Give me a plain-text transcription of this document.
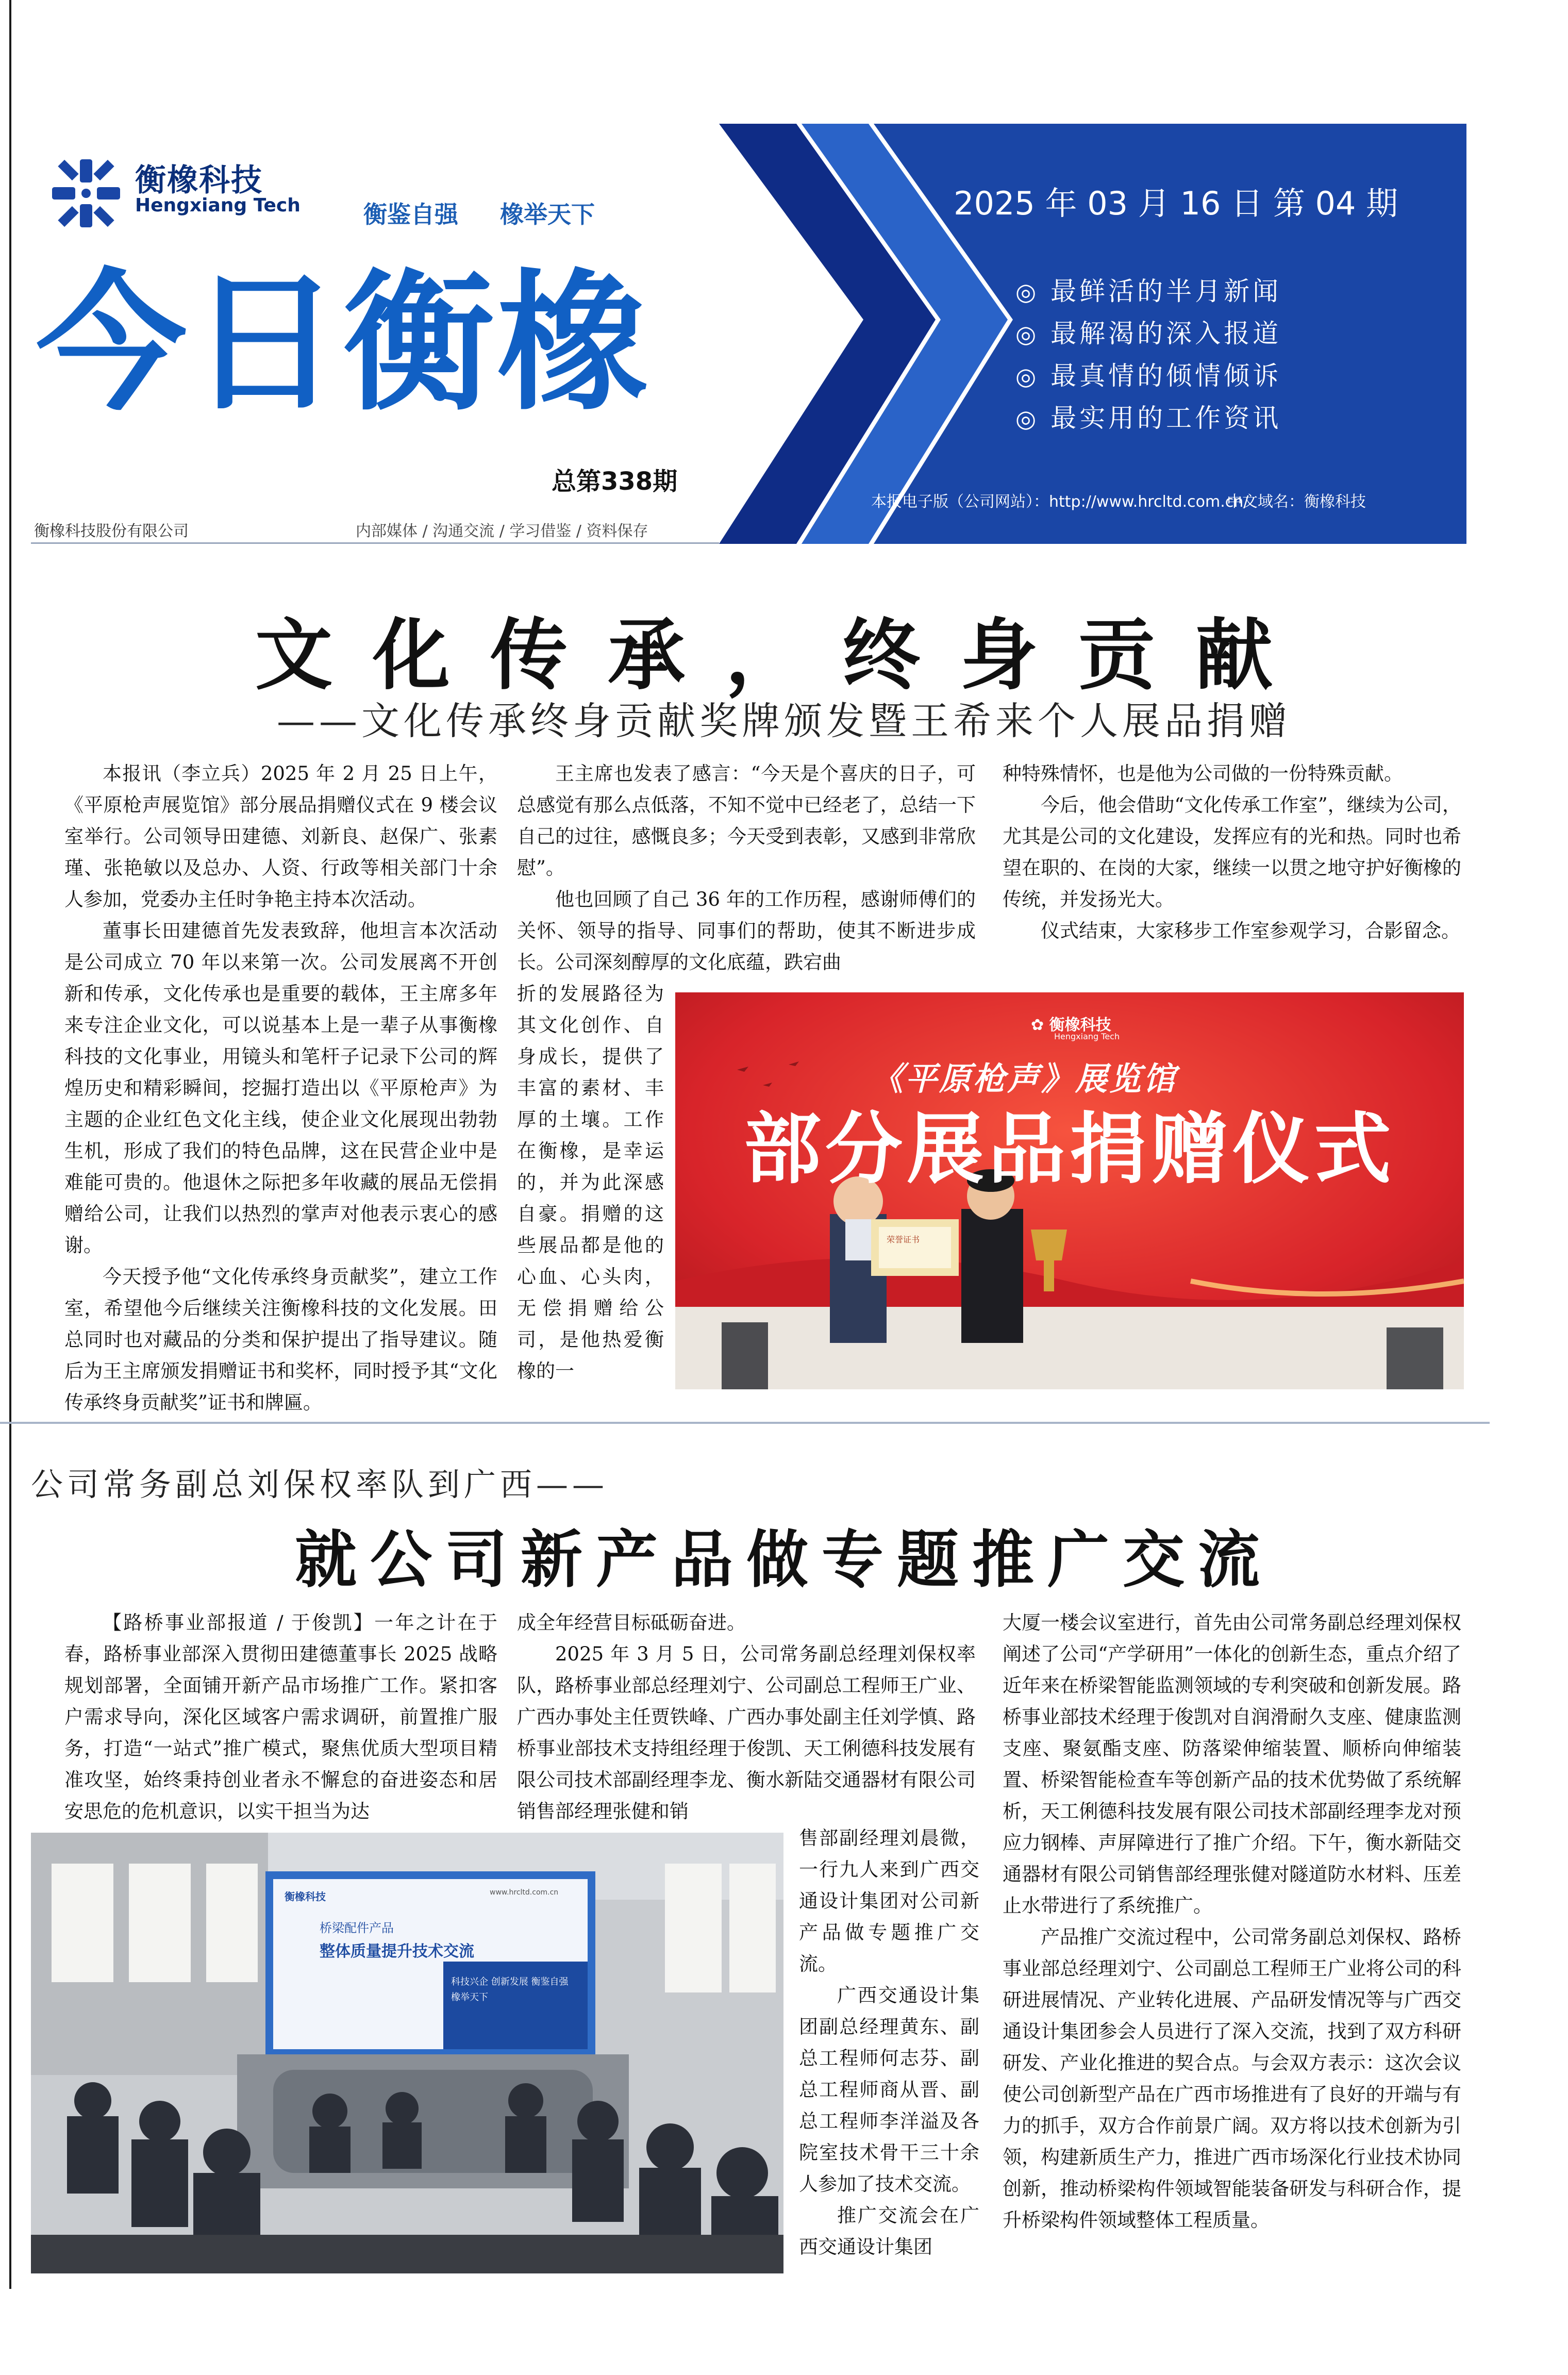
衡橡科技
Hengxiang Tech	衡鉴自强 橡举天下
今日衡橡
总第338期
衡橡科技股份有限公司	内部媒体 / 沟通交流 / 学习借鉴 / 资料保存
2025 年 03 月 16 日 第 04 期
◎ 最鲜活的半月新闻
◎ 最解渴的深入报道
◎ 最真情的倾情倾诉
◎ 最实用的工作资讯
本报电子版（公司网站）：http://www.hrcltd.com.cn/
中文域名：衡橡科技
文化传承，终身贡献
——文化传承终身贡献奖牌颁发暨王希来个人展品捐赠

本报讯（李立兵）2025 年 2 月 25 日上午，《平原枪声展览馆》部分展品捐赠仪式在 9 楼会议室举行。公司领导田建德、刘新良、赵保广、张素瑾、张艳敏以及总办、人资、行政等相关部门十余人参加，党委办主任时争艳主持本次活动。

董事长田建德首先发表致辞，他坦言本次活动是公司成立 70 年以来第一次。公司发展离不开创新和传承，文化传承也是重要的载体，王主席多年来专注企业文化，可以说基本上是一辈子从事衡橡科技的文化事业，用镜头和笔杆子记录下公司的辉煌历史和精彩瞬间，挖掘打造出以《平原枪声》为主题的企业红色文化主线，使企业文化展现出勃勃生机，形成了我们的特色品牌，这在民营企业中是难能可贵的。他退休之际把多年收藏的展品无偿捐赠给公司，让我们以热烈的掌声对他表示衷心的感谢。

今天授予他“文化传承终身贡献奖”，建立工作室，希望他今后继续关注衡橡科技的文化发展。田总同时也对藏品的分类和保护提出了指导建议。随后为王主席颁发捐赠证书和奖杯，同时授予其“文化传承终身贡献奖”证书和牌匾。

王主席也发表了感言：“今天是个喜庆的日子，可总感觉有那么点低落，不知不觉中已经老了，总结一下自己的过往，感慨良多；今天受到表彰，又感到非常欣慰”。

他也回顾了自己 36 年的工作历程，感谢师傅们的关怀、领导的指导、同事们的帮助，使其不断进步成长。公司深刻醇厚的文化底蕴，跌宕曲

折的发展路径为其文化创作、自身成长，提供了丰富的素材、丰厚的土壤。工作在衡橡，是幸运的，并为此深感自豪。捐赠的这些展品都是他的心血、心头肉，无偿捐赠给公司，是他热爱衡橡的一

种特殊情怀，也是他为公司做的一份特殊贡献。

今后，他会借助“文化传承工作室”，继续为公司，尤其是公司的文化建设，发挥应有的光和热。同时也希望在职的、在岗的大家，继续一以贯之地守护好衡橡的传统，并发扬光大。

仪式结束，大家移步工作室参观学习，合影留念。

✿ 衡橡科技
Hengxiang Tech
《平原枪声》展览馆
部分展品捐赠仪式
荣誉证书
公司常务副总刘保权率队到广西——
就公司新产品做专题推广交流

【路桥事业部报道 / 于俊凯】一年之计在于春，路桥事业部深入贯彻田建德董事长 2025 战略规划部署，全面铺开新产品市场推广工作。紧扣客户需求导向，深化区域客户需求调研，前置推广服务，打造“一站式”推广模式，聚焦优质大型项目精准攻坚，始终秉持创业者永不懈怠的奋进姿态和居安思危的危机意识，以实干担当为达

成全年经营目标砥砺奋进。

2025 年 3 月 5 日，公司常务副总经理刘保权率队，路桥事业部总经理刘宁、公司副总工程师王广业、广西办事处主任贾铁峰、广西办事处副主任刘学慎、路桥事业部技术支持组经理于俊凯、天工俐德科技发展有限公司技术部副经理李龙、衡水新陆交通器材有限公司销售部经理张健和销

售部副经理刘晨微，一行九人来到广西交通设计集团对公司新产品做专题推广交流。

广西交通设计集团副总经理黄东、副总工程师何志芬、副总工程师商从晋、副总工程师李洋溢及各院室技术骨干三十余人参加了技术交流。

推广交流会在广西交通设计集团

大厦一楼会议室进行，首先由公司常务副总经理刘保权阐述了公司“产学研用”一体化的创新生态，重点介绍了近年来在桥梁智能监测领域的专利突破和创新发展。路桥事业部技术经理于俊凯对自润滑耐久支座、健康监测支座、聚氨酯支座、防落梁伸缩装置、顺桥向伸缩装置、桥梁智能检查车等创新产品的技术优势做了系统解析，天工俐德科技发展有限公司技术部副经理李龙对预应力钢棒、声屏障进行了推广介绍。下午，衡水新陆交通器材有限公司销售部经理张健对隧道防水材料、压差止水带进行了系统推广。

产品推广交流过程中，公司常务副总刘保权、路桥事业部总经理刘宁、公司副总工程师王广业将公司的科研进展情况、产业转化进展、产品研发情况等与广西交通设计集团参会人员进行了深入交流，找到了双方科研研发、产业化推进的契合点。与会双方表示：这次会议使公司创新型产品在广西市场推进有了良好的开端与有力的抓手，双方合作前景广阔。双方将以技术创新为引领，构建新质生产力，推进广西市场深化行业技术协同创新，推动桥梁构件领域智能装备研发与科研合作，提升桥梁构件领域整体工程质量。

衡橡科技	www.hrcltd.com.cn
桥梁配件产品
整体质量提升技术交流
科技兴企 创新发展 衡鉴自强 橡举天下
